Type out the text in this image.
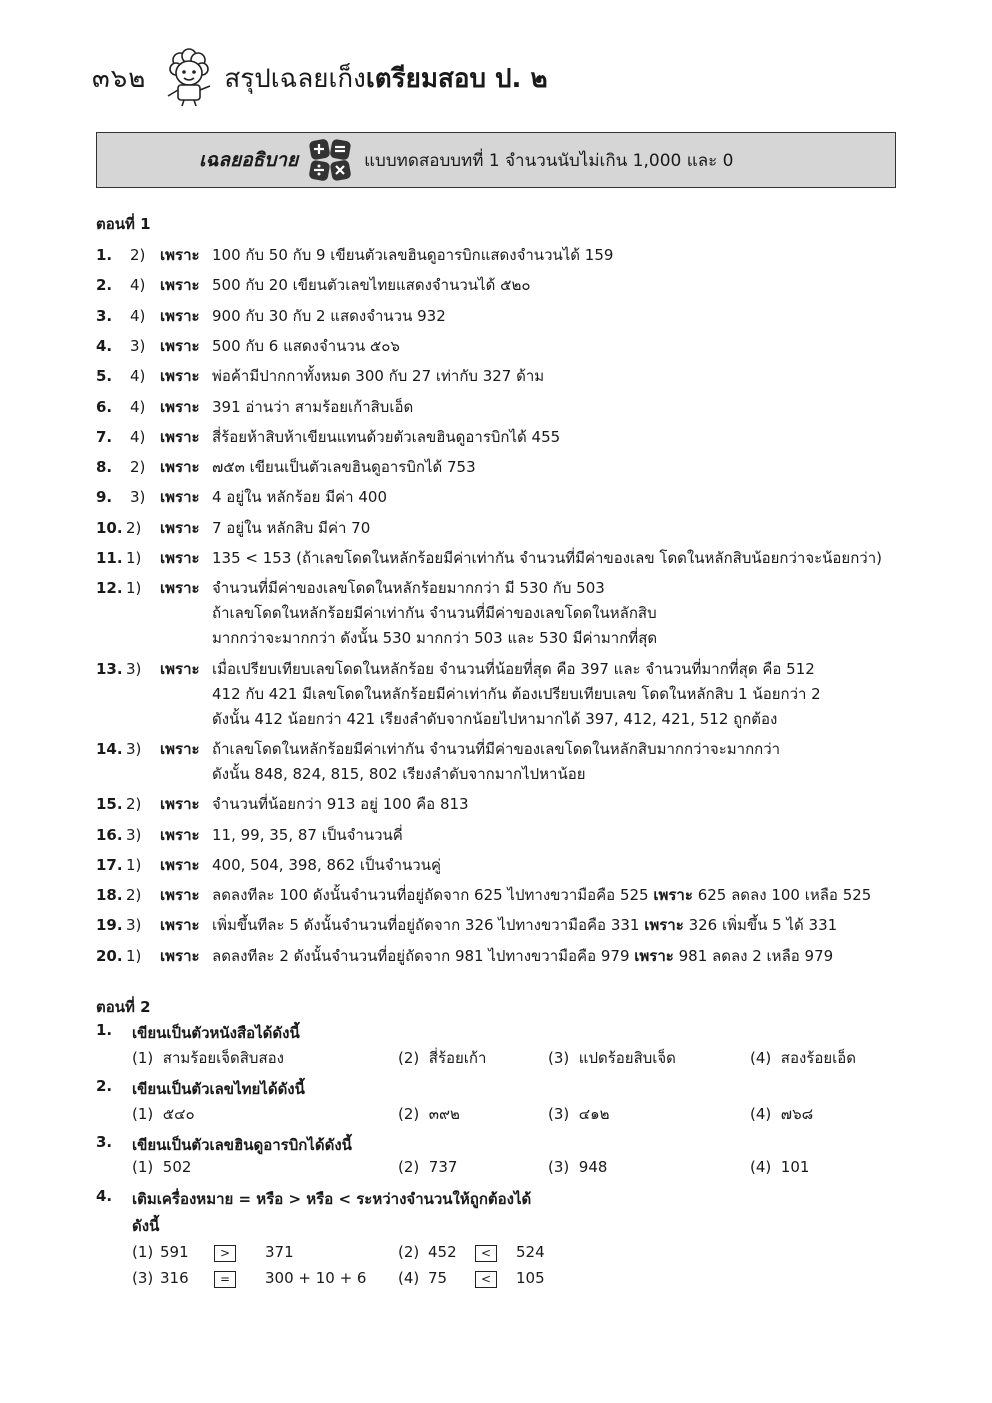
๓๖๒	สรุปเฉลยเก็งเตรียมสอบ ป. ๒
เฉลยอธิบาย	แบบทดสอบบทที่ 1 จำนวนนับไม่เกิน 1,000 และ 0
ตอนที่ 1
1. 2) เพราะ 100 กับ 50 กับ 9 เขียนตัวเลขฮินดูอารบิกแสดงจำนวนได้ 159
2. 4) เพราะ 500 กับ 20 เขียนตัวเลขไทยแสดงจำนวนได้ ๕๒๐
3. 4) เพราะ 900 กับ 30 กับ 2 แสดงจำนวน 932
4. 3) เพราะ 500 กับ 6 แสดงจำนวน ๕๐๖
5. 4) เพราะ พ่อค้ามีปากกาทั้งหมด 300 กับ 27 เท่ากับ 327 ด้าม
6. 4) เพราะ 391 อ่านว่า สามร้อยเก้าสิบเอ็ด
7. 4) เพราะ สี่ร้อยห้าสิบห้าเขียนแทนด้วยตัวเลขฮินดูอารบิกได้ 455
8. 2) เพราะ ๗๕๓ เขียนเป็นตัวเลขฮินดูอารบิกได้ 753
9. 3) เพราะ 4 อยู่ใน หลักร้อย มีค่า 400
10. 2) เพราะ 7 อยู่ใน หลักสิบ มีค่า 70
11. 1) เพราะ 135 < 153 (ถ้าเลขโดดในหลักร้อยมีค่าเท่ากัน จำนวนที่มีค่าของเลข โดดในหลักสิบน้อยกว่าจะน้อยกว่า)
12. 1) เพราะ จำนวนที่มีค่าของเลขโดดในหลักร้อยมากกว่า มี 530 กับ 503
ถ้าเลขโดดในหลักร้อยมีค่าเท่ากัน จำนวนที่มีค่าของเลขโดดในหลักสิบ
มากกว่าจะมากกว่า ดังนั้น 530 มากกว่า 503 และ 530 มีค่ามากที่สุด
13. 3) เพราะ เมื่อเปรียบเทียบเลขโดดในหลักร้อย จำนวนที่น้อยที่สุด คือ 397 และ จำนวนที่มากที่สุด คือ 512
412 กับ 421 มีเลขโดดในหลักร้อยมีค่าเท่ากัน ต้องเปรียบเทียบเลข โดดในหลักสิบ 1 น้อยกว่า 2
ดังนั้น 412 น้อยกว่า 421 เรียงลำดับจากน้อยไปหามากได้ 397, 412, 421, 512 ถูกต้อง
14. 3) เพราะ ถ้าเลขโดดในหลักร้อยมีค่าเท่ากัน จำนวนที่มีค่าของเลขโดดในหลักสิบมากกว่าจะมากกว่า
ดังนั้น 848, 824, 815, 802 เรียงลำดับจากมากไปหาน้อย
15. 2) เพราะ จำนวนที่น้อยกว่า 913 อยู่ 100 คือ 813
16. 3) เพราะ 11, 99, 35, 87 เป็นจำนวนคี่
17. 1) เพราะ 400, 504, 398, 862 เป็นจำนวนคู่
18. 2) เพราะ ลดลงทีละ 100 ดังนั้นจำนวนที่อยู่ถัดจาก 625 ไปทางขวามือคือ 525 เพราะ 625 ลดลง 100 เหลือ 525
19. 3) เพราะ เพิ่มขึ้นทีละ 5 ดังนั้นจำนวนที่อยู่ถัดจาก 326 ไปทางขวามือคือ 331 เพราะ 326 เพิ่มขึ้น 5 ได้ 331
20. 1) เพราะ ลดลงทีละ 2 ดังนั้นจำนวนที่อยู่ถัดจาก 981 ไปทางขวามือคือ 979 เพราะ 981 ลดลง 2 เหลือ 979
ตอนที่ 2
1. เขียนเป็นตัวหนังสือได้ดังนี้
(1) สามร้อยเจ็ดสิบสอง	(2) สี่ร้อยเก้า	(3) แปดร้อยสิบเจ็ด	(4) สองร้อยเอ็ด
2. เขียนเป็นตัวเลขไทยได้ดังนี้
(1) ๕๔๐	(2) ๓๙๒	(3) ๔๑๒	(4) ๗๖๘
3. เขียนเป็นตัวเลขฮินดูอารบิกได้ดังนี้
(1) 502	(2) 737	(3) 948	(4) 101
4. เติมเครื่องหมาย = หรือ > หรือ < ระหว่างจำนวนให้ถูกต้องได้
ดังนี้
(1) 591	>	371	(2) 452	<	524
(3) 316	=	300 + 10 + 6 (4) 75	<	105
